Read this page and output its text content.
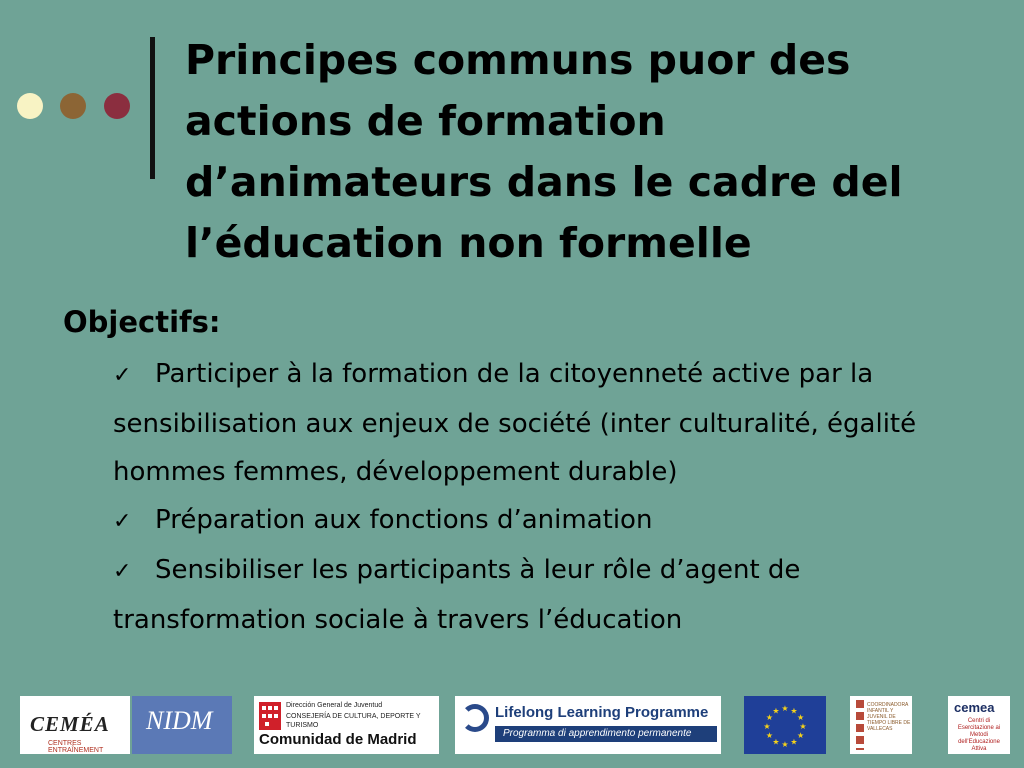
Principes communs puor des
actions de formation
d’animateurs dans le cadre del
l’éducation non formelle
Objectifs:
✓ Participer à la formation de la citoyenneté active par la sensibilisation aux enjeux de société (inter culturalité, égalité hommes femmes, développement durable)
✓ Préparation aux fonctions d’animation
✓ Sensibiliser les participants à leur rôle d’agent de transformation sociale à travers l’éducation
CEMÉA
CENTRES ENTRAÎNEMENT
NIDM
Dirección General de Juventud
CONSEJERÍA DE CULTURA, DEPORTE Y TURISMO
Comunidad de Madrid
Lifelong Learning Programme
Programma di apprendimento permanente
★
★
★
★
★
★
★
★
★ ★ ★
★
COORDINADORA INFANTIL Y JUVENIL DE TIEMPO LIBRE DE VALLECAS
cemea
Centri di Esercitazione ai Metodi dell'Educazione Attiva
